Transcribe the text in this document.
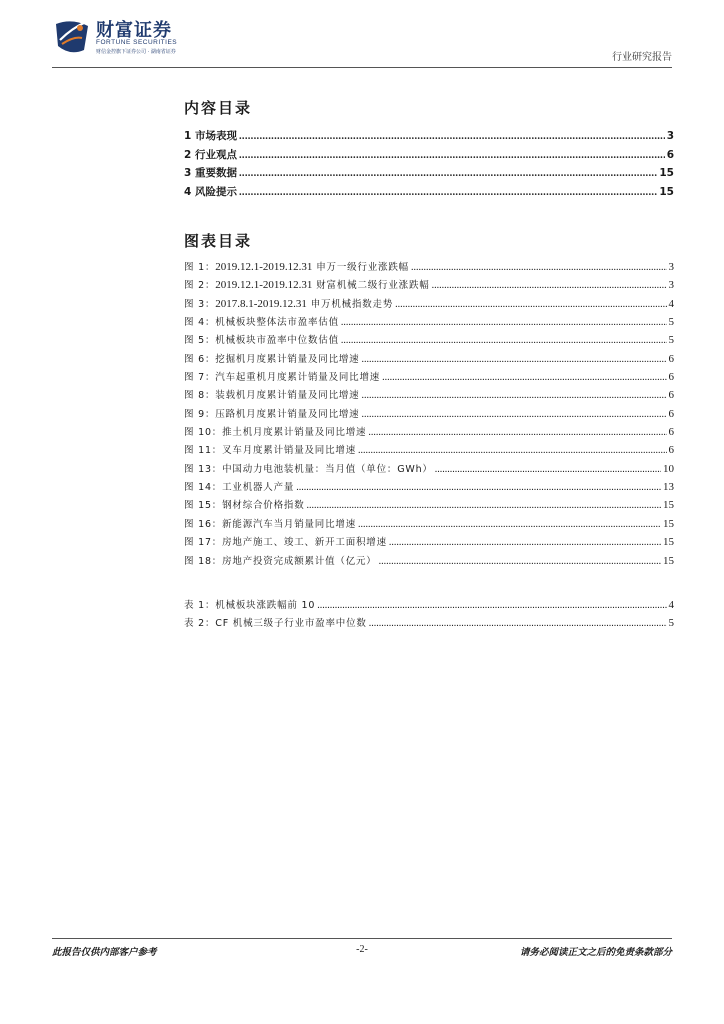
财富证券
FORTUNE SECURITIES
财信金控旗下证券公司 · 湖南省证券	行业研究报告
内容目录
1 市场表现 .....	3
2 行业观点 .....	6
3 重要数据 .....	15
4 风险提示 .....	15
图表目录
图 1：2019.12.1-2019.12.31 申万一级行业涨跌幅 .....	3
图 2：2019.12.1-2019.12.31 财富机械二级行业涨跌幅 .....	3
图 3：2017.8.1-2019.12.31 申万机械指数走势 .....	4
图 4：机械板块整体法市盈率估值 .....	5
图 5：机械板块市盈率中位数估值 .....	5
图 6：挖掘机月度累计销量及同比增速 .....	6
图 7：汽车起重机月度累计销量及同比增速 .....	6
图 8：装载机月度累计销量及同比增速 .....	6
图 9：压路机月度累计销量及同比增速 .....	6
图 10：推土机月度累计销量及同比增速 .....	6
图 11：叉车月度累计销量及同比增速 .....	6
图 13：中国动力电池装机量：当月值（单位：GWh） .....	10
图 14：工业机器人产量 .....	13
图 15：钢材综合价格指数 .....	15
图 16：新能源汽车当月销量同比增速 .....	15
图 17：房地产施工、竣工、新开工面积增速 .....	15
图 18：房地产投资完成额累计值（亿元） .....	15
表 1：机械板块涨跌幅前 10 .....	4
表 2：CF 机械三级子行业市盈率中位数 .....	5
此报告仅供内部客户参考	-2-	请务必阅读正文之后的免责条款部分
